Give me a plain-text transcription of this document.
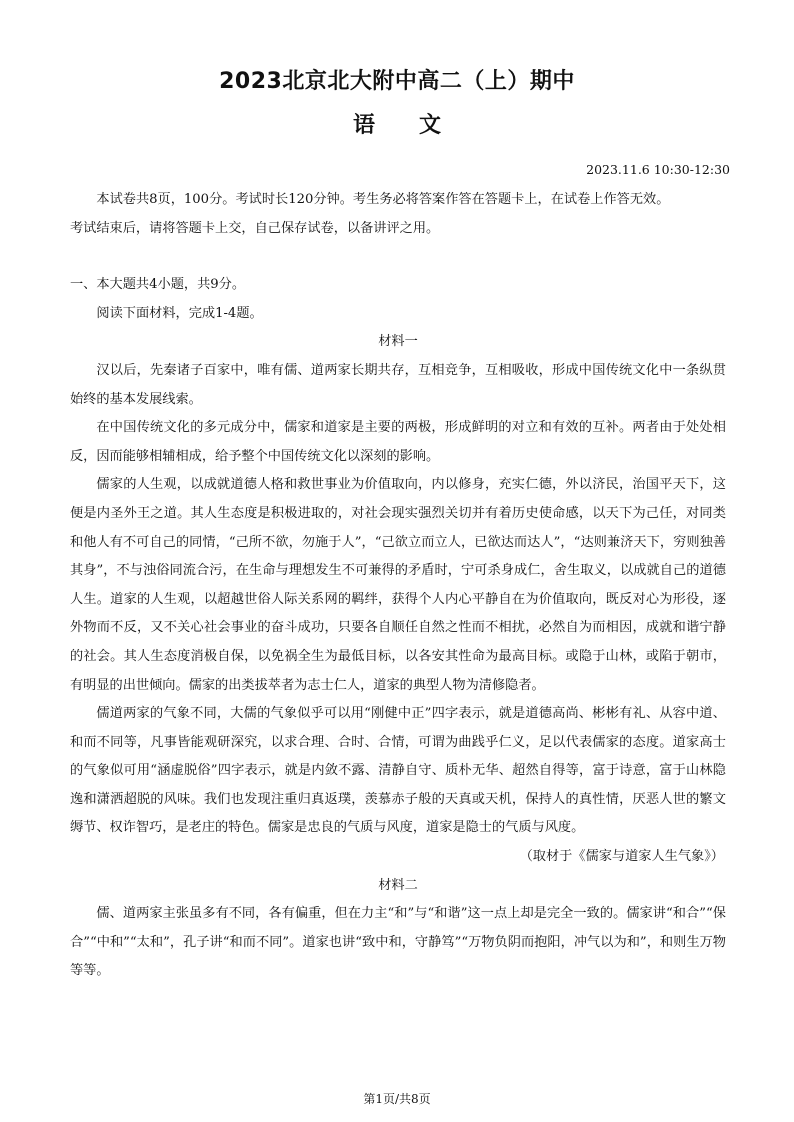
2023北京北大附中高二（上）期中
语　　文
2023.11.6 10:30-12:30

本试卷共8页，100分。考试时长120分钟。考生务必将答案作答在答题卡上，在试卷上作答无效。

考试结束后，请将答题卡上交，自己保存试卷，以备讲评之用。

一、本大题共4小题，共9分。

阅读下面材料，完成1-4题。

材料一

汉以后，先秦诸子百家中，唯有儒、道两家长期共存，互相竞争，互相吸收，形成中国传统文化中一条纵贯始终的基本发展线索。

在中国传统文化的多元成分中，儒家和道家是主要的两极，形成鲜明的对立和有效的互补。两者由于处处相反，因而能够相辅相成，给予整个中国传统文化以深刻的影响。

儒家的人生观，以成就道德人格和救世事业为价值取向，内以修身，充实仁德，外以济民，治国平天下，这便是内圣外王之道。其人生态度是积极进取的，对社会现实强烈关切并有着历史使命感，以天下为己任，对同类和他人有不可自己的同情，“己所不欲，勿施于人”，“己欲立而立人，已欲达而达人”，“达则兼济天下，穷则独善其身”，不与浊俗同流合污，在生命与理想发生不可兼得的矛盾时，宁可杀身成仁，舍生取义，以成就自己的道德人生。道家的人生观，以超越世俗人际关系网的羁绊，获得个人内心平静自在为价值取向，既反对心为形役，逐外物而不反，又不关心社会事业的奋斗成功，只要各自顺任自然之性而不相扰，必然自为而相因，成就和谐宁静的社会。其人生态度消极自保，以免祸全生为最低目标，以各安其性命为最高目标。或隐于山林，或陷于朝市，有明显的出世倾向。儒家的出类拔萃者为志士仁人，道家的典型人物为清修隐者。

儒道两家的气象不同，大儒的气象似乎可以用“刚健中正”四字表示，就是道德高尚、彬彬有礼、从容中道、和而不同等，凡事皆能观研深究，以求合理、合时、合情，可谓为曲践乎仁义，足以代表儒家的态度。道家高士的气象似可用“涵虚脱俗”四字表示，就是内敛不露、清静自守、质朴无华、超然自得等，富于诗意，富于山林隐逸和潇洒超脱的风味。我们也发现注重归真返璞，羡慕赤子般的天真或天机，保持人的真性情，厌恶人世的繁文缛节、权诈智巧，是老庄的特色。儒家是忠良的气质与风度，道家是隐士的气质与风度。

（取材于《儒家与道家人生气象》）

材料二

儒、道两家主张虽多有不同，各有偏重，但在力主“和”与“和谐”这一点上却是完全一致的。儒家讲“和合”“保合”“中和”“太和”，孔子讲“和而不同”。道家也讲“致中和，守静笃”“万物负阴而抱阳，冲气以为和”，和则生万物等等。

第1页/共8页
